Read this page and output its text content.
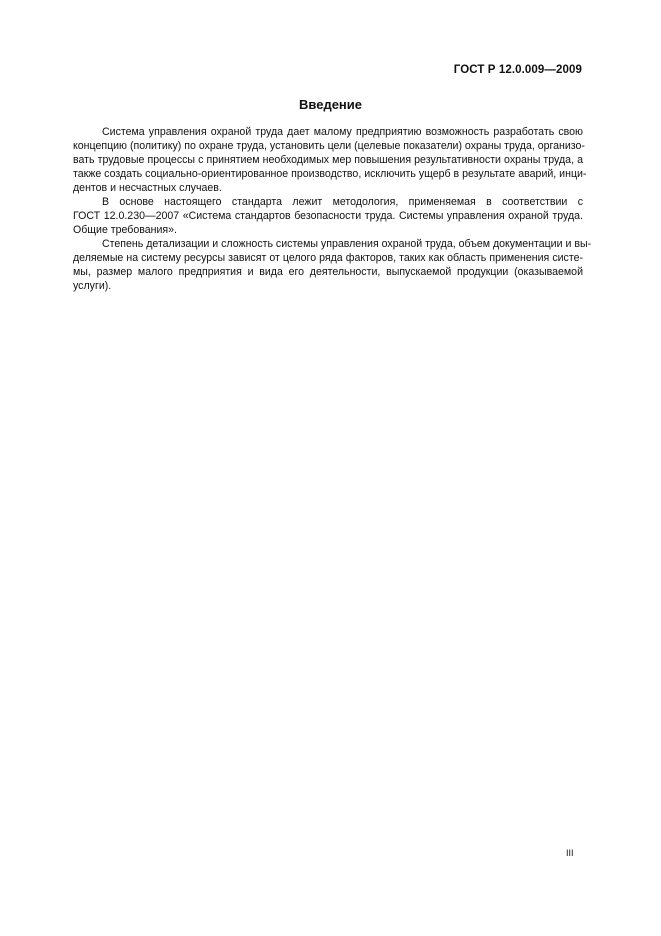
ГОСТ Р 12.0.009—2009
Введение
Система управления охраной труда дает малому предприятию возможность разработать свою
концепцию (политику) по охране труда, установить цели (целевые показатели) охраны труда, организо-
вать трудовые процессы с принятием необходимых мер повышения результативности охраны труда, а
также создать социально-ориентированное производство, исключить ущерб в результате аварий, инци-
дентов и несчастных случаев.
В основе настоящего стандарта лежит методология, применяемая в соответствии с
ГОСТ 12.0.230—2007 «Система стандартов безопасности труда. Системы управления охраной труда.
Общие требования».
Степень детализации и сложность системы управления охраной труда, объем документации и вы-
деляемые на систему ресурсы зависят от целого ряда факторов, таких как область применения систе-
мы, размер малого предприятия и вида его деятельности, выпускаемой продукции (оказываемой
услуги).
III
